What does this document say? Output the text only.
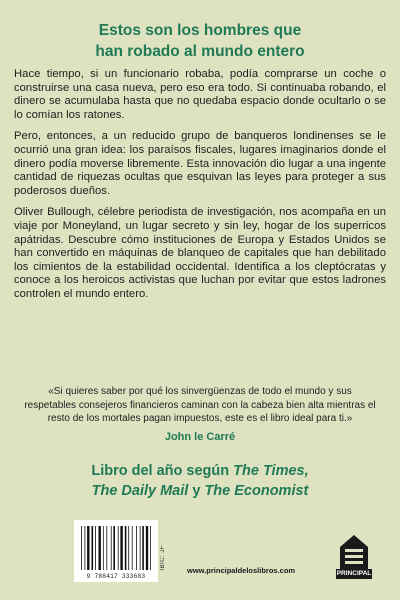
Estos son los hombres que
han robado al mundo entero

Hace tiempo, si un funcionario robaba, podía comprarse un coche o construirse una casa nueva, pero eso era todo. Si continuaba robando, el dinero se acumulaba hasta que no quedaba espacio donde ocultarlo o se lo comían los ratones.

Pero, entonces, a un reducido grupo de banqueros londinenses se le ocurrió una gran idea: los paraísos fiscales, lugares imaginarios donde el dinero podía moverse libremente. Esta innovación dio lugar a una ingente cantidad de riquezas ocultas que esquivan las leyes para proteger a sus poderosos dueños.

Oliver Bullough, célebre periodista de investigación, nos acompaña en un viaje por Moneyland, un lugar secreto y sin ley, hogar de los superricos apátridas. Descubre cómo instituciones de Europa y Estados Unidos se han convertido en máquinas de blanqueo de capitales que han debilitado los cimientos de la estabilidad occidental. Identifica a los cleptócratas y conoce a los heroicos activistas que luchan por evitar que estos ladrones controlen el mundo entero.

«Si quieres saber por qué los sinvergüenzas de todo el mundo y sus respetables consejeros financieros caminan con la cabeza bien alta mientras el resto de los mortales pagan impuestos, este es el libro ideal para ti.»
John le Carré
Libro del año según The Times,
The Daily Mail y The Economist
9 788417 333683
IBIC: JF	www.principaldeloslibros.com	PRINCIPAL
